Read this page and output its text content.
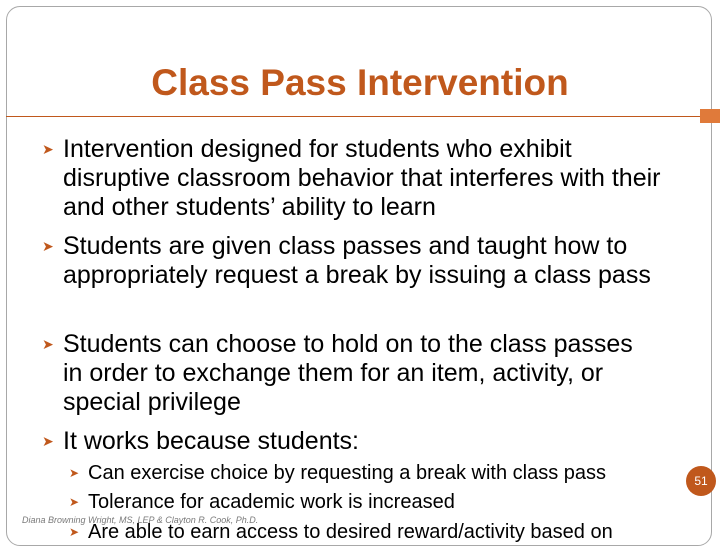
Class Pass Intervention
➤ Intervention designed for students who exhibit disruptive classroom behavior that interferes with their and other students’ ability to learn
➤ Students are given class passes and taught how to appropriately request a break by issuing a class pass
➤ Students can choose to hold on to the class passes in order to exchange them for an item, activity, or special privilege
➤ It works because students:
➤ Can exercise choice by requesting a break with class pass
➤ Tolerance for academic work is increased
➤ Are able to earn access to desired reward/activity based on
51
Diana Browning Wright, MS, LEP & Clayton R. Cook, Ph.D.
